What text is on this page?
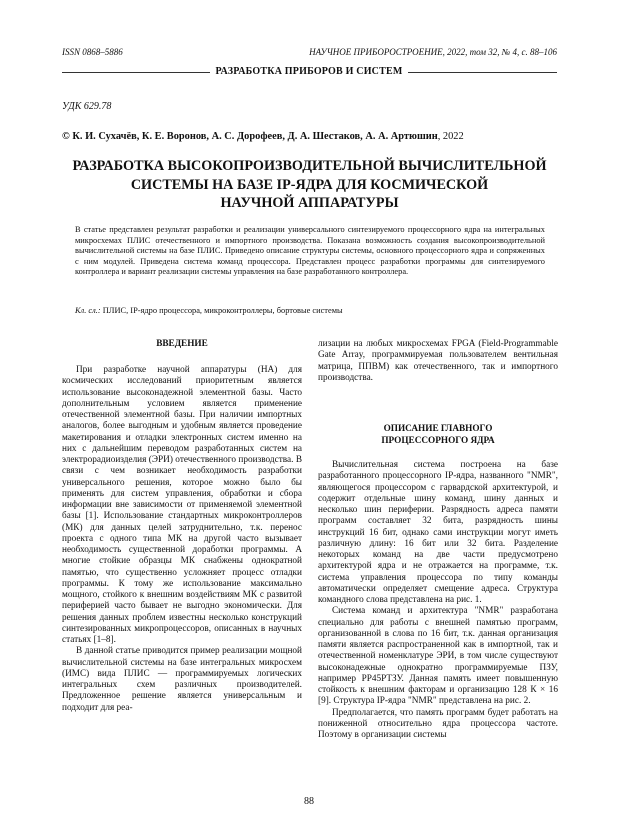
ISSN 0868–5886	НАУЧНОЕ ПРИБОРОСТРОЕНИЕ, 2022, том 32, № 4, с. 88–106
РАЗРАБОТКА ПРИБОРОВ И СИСТЕМ
УДК 629.78
© К. И. Сухачёв, К. Е. Воронов, А. С. Дорофеев, Д. А. Шестаков, А. А. Артюшин, 2022
РАЗРАБОТКА ВЫСОКОПРОИЗВОДИТЕЛЬНОЙ ВЫЧИСЛИТЕЛЬНОЙ
СИСТЕМЫ НА БАЗЕ IP-ЯДРА ДЛЯ КОСМИЧЕСКОЙ
НАУЧНОЙ АППАРАТУРЫ
В статье представлен результат разработки и реализации универсального синтезируемого процессорного ядра на интегральных микросхемах ПЛИС отечественного и импортного производства. Показана возможность создания высокопроизводительной вычислительной системы на базе ПЛИС. Приведено описание структуры системы, основного процессорного ядра и сопряженных с ним модулей. Приведена система команд процессора. Представлен процесс разработки программы для синтезируемого контроллера и вариант реализации системы управления на базе разработанного контроллера.
Кл. сл.: ПЛИС, IP-ядро процессора, микроконтроллеры, бортовые системы
ВВЕДЕНИЕ

При разработке научной аппаратуры (НА) для космических исследований приоритетным является использование высоконадежной элементной базы. Часто дополнительным условием является применение отечественной элементной базы. При наличии импортных аналогов, более выгодным и удобным является проведение макетирования и отладки электронных систем именно на них с дальнейшим переводом разработанных систем на электрорадиоизделия (ЭРИ) отечественного производства. В связи с чем возникает необходимость разработки универсального решения, которое можно было бы применять для систем управления, обработки и сбора информации вне зависимости от применяемой элементной базы [1]. Использование стандартных микроконтроллеров (МК) для данных целей затруднительно, т.к. перенос проекта с одного типа МК на другой часто вызывает необходимость существенной доработки программы. А многие стойкие образцы МК снабжены однократной памятью, что существенно усложняет процесс отладки программы. К тому же использование максимально мощного, стойкого к внешним воздействиям МК с развитой периферией часто бывает не выгодно экономически. Для решения данных проблем известны несколько конструкций синтезированных микропроцессоров, описанных в научных статьях [1–8].

В данной статье приводится пример реализации мощной вычислительной системы на базе интегральных микросхем (ИМС) вида ПЛИС — программируемых логических интегральных схем различных производителей. Предложенное решение является универсальным и подходит для реа-

лизации на любых микросхемах FPGA (Field-Programmable Gate Array, программируемая пользователем вентильная матрица, ППВМ) как отечественного, так и импортного производства.

ОПИСАНИЕ ГЛАВНОГО
ПРОЦЕССОРНОГО ЯДРА

Вычислительная система построена на базе разработанного процессорного IP-ядра, названного "NMR", являющегося процессором с гарвардской архитектурой, и содержит отдельные шину команд, шину данных и несколько шин периферии. Разрядность адреса памяти программ составляет 32 бита, разрядность шины инструкций 16 бит, однако сами инструкции могут иметь различную длину: 16 бит или 32 бита. Разделение некоторых команд на две части предусмотрено архитектурой ядра и не отражается на программе, т.к. система управления процессора по типу команды автоматически определяет смещение адреса. Структура командного слова представлена на рис. 1.

Система команд и архитектура "NMR" разработана специально для работы с внешней памятью программ, организованной в слова по 16 бит, т.к. данная организация памяти является распространенной как в импортной, так и отечественной номенклатуре ЭРИ, в том числе существуют высоконадежные однократно программируемые ПЗУ, например РР45РТЗУ. Данная память имеет повышенную стойкость к внешним факторам и организацию 128 К × 16 [9]. Структура IP-ядра "NMR" представлена на рис. 2.

Предполагается, что память программ будет работать на пониженной относительно ядра процессора частоте. Поэтому в организации системы

88
